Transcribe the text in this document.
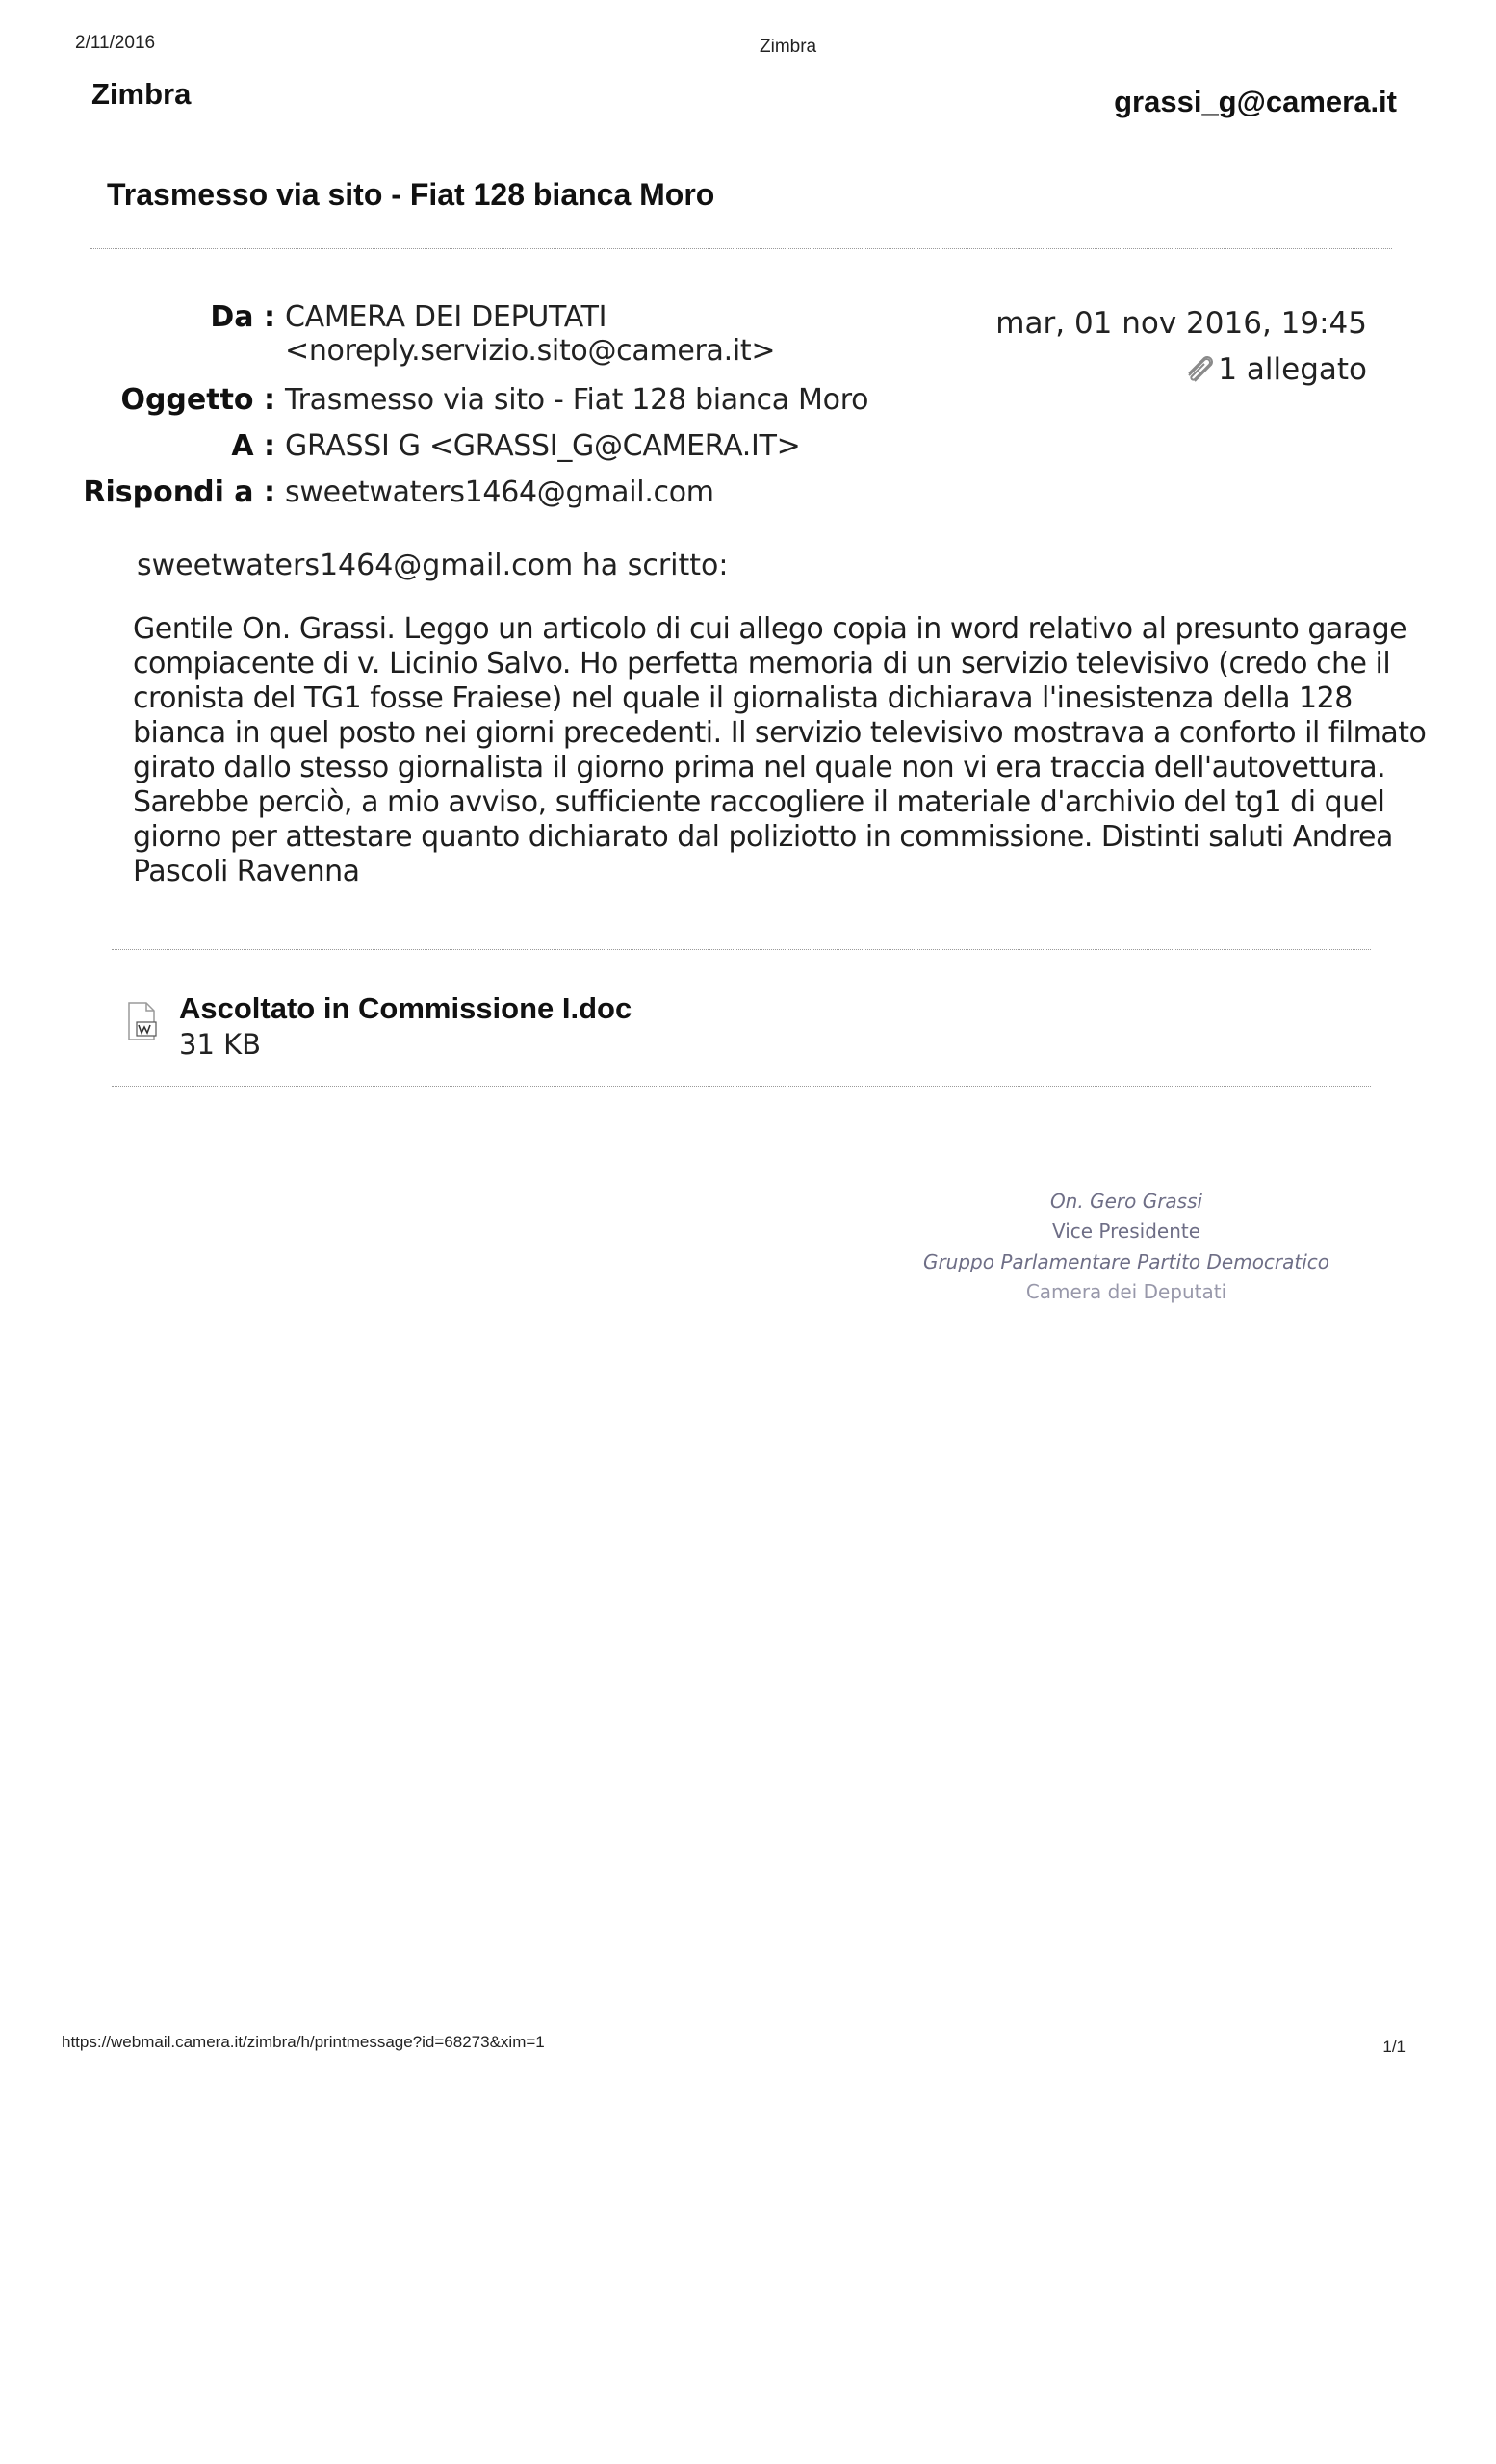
2/11/2016	Zimbra
Zimbra	grassi_g@camera.it
Trasmesso via sito - Fiat 128 bianca Moro
Da : CAMERA DEI DEPUTATI
<noreply.servizio.sito@camera.it>
Oggetto : Trasmesso via sito - Fiat 128 bianca Moro
A : GRASSI G <GRASSI_G@CAMERA.IT>
Rispondi a : sweetwaters1464@gmail.com
mar, 01 nov 2016, 19:45
1 allegato
sweetwaters1464@gmail.com ha scritto:
Gentile On. Grassi. Leggo un articolo di cui allego copia in word relativo al presunto garage
compiacente di v. Licinio Salvo. Ho perfetta memoria di un servizio televisivo (credo che il
cronista del TG1 fosse Fraiese) nel quale il giornalista dichiarava l'inesistenza della 128
bianca in quel posto nei giorni precedenti. Il servizio televisivo mostrava a conforto il filmato
girato dallo stesso giornalista il giorno prima nel quale non vi era traccia dell'autovettura.
Sarebbe perciò, a mio avviso, sufficiente raccogliere il materiale d'archivio del tg1 di quel
giorno per attestare quanto dichiarato dal poliziotto in commissione. Distinti saluti Andrea
Pascoli Ravenna
Ascoltato in Commissione I.doc
31 KB
On. Gero Grassi
Vice Presidente
Gruppo Parlamentare Partito Democratico
Camera dei Deputati
https://webmail.camera.it/zimbra/h/printmessage?id=68273&xim=1	1/1
